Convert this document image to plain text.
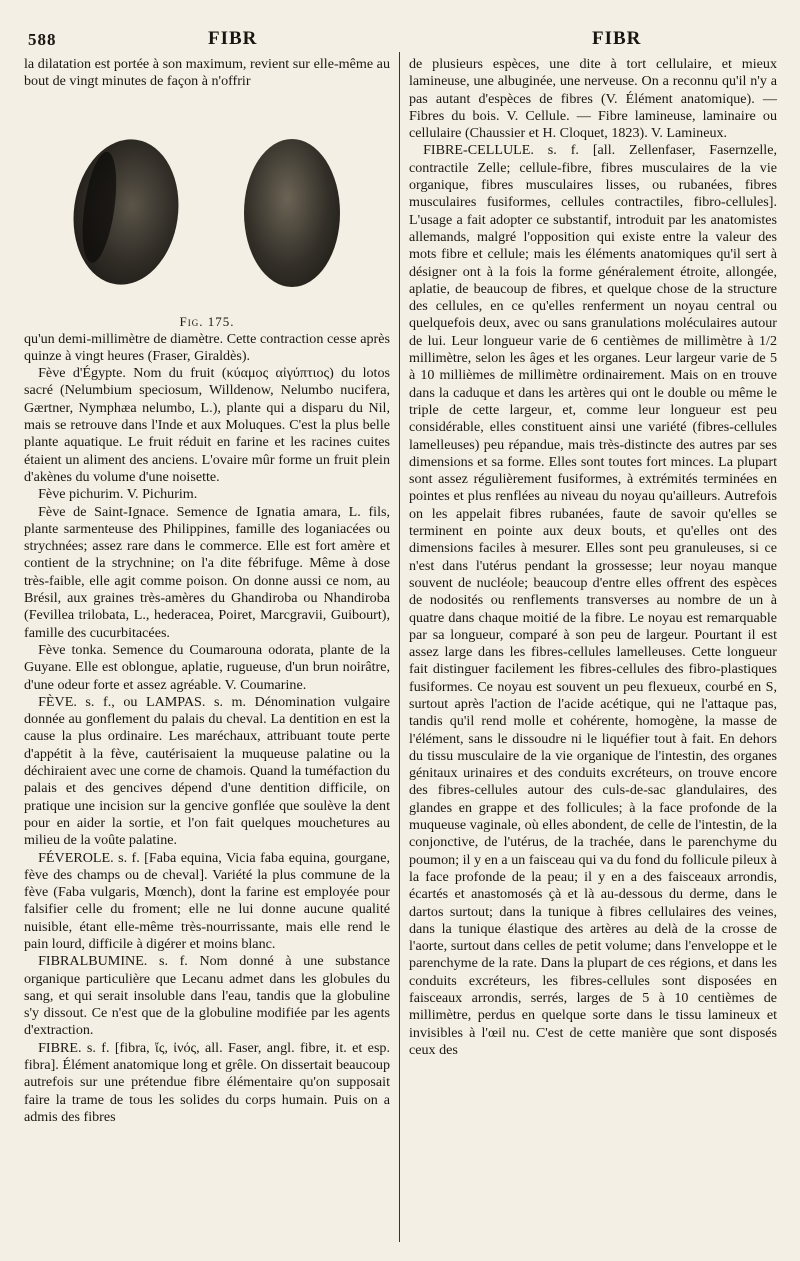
588	FIBR	FIBR

la dilatation est portée à son maximum, revient sur elle-même au bout de vingt minutes de façon à n'offrir

Fig. 175.

qu'un demi-millimètre de diamètre. Cette contraction cesse après quinze à vingt heures (Fraser, Giraldès).

Fève d'Égypte. Nom du fruit (κύαμος αἰγύπτιος) du lotos sacré (Nelumbium speciosum, Willdenow, Nelumbo nucifera, Gærtner, Nymphæa nelumbo, L.), plante qui a disparu du Nil, mais se retrouve dans l'Inde et aux Moluques. C'est la plus belle plante aquatique. Le fruit réduit en farine et les racines cuites étaient un aliment des anciens. L'ovaire mûr forme un fruit plein d'akènes du volume d'une noisette.

Fève pichurim. V. Pichurim.

Fève de Saint-Ignace. Semence de Ignatia amara, L. fils, plante sarmenteuse des Philippines, famille des loganiacées ou strychnées; assez rare dans le commerce. Elle est fort amère et contient de la strychnine; on l'a dite fébrifuge. Même à dose très-faible, elle agit comme poison. On donne aussi ce nom, au Brésil, aux graines très-amères du Ghandiroba ou Nhandiroba (Fevillea trilobata, L., hederacea, Poiret, Marcgravii, Guibourt), famille des cucurbitacées.

Fève tonka. Semence du Coumarouna odorata, plante de la Guyane. Elle est oblongue, aplatie, rugueuse, d'un brun noirâtre, d'une odeur forte et assez agréable. V. Coumarine.

FÈVE. s. f., ou LAMPAS. s. m. Dénomination vulgaire donnée au gonflement du palais du cheval. La dentition en est la cause la plus ordinaire. Les maréchaux, attribuant toute perte d'appétit à la fève, cautérisaient la muqueuse palatine ou la déchiraient avec une corne de chamois. Quand la tuméfaction du palais et des gencives dépend d'une dentition difficile, on pratique une incision sur la gencive gonflée que soulève la dent pour en aider la sortie, et l'on fait quelques mouchetures au milieu de la voûte palatine.

FÉVEROLE. s. f. [Faba equina, Vicia faba equina, gourgane, fève des champs ou de cheval]. Variété la plus commune de la fève (Faba vulgaris, Mœnch), dont la farine est employée pour falsifier celle du froment; elle ne lui donne aucune qualité nuisible, étant elle-même très-nourrissante, mais elle rend le pain lourd, difficile à digérer et moins blanc.

FIBRALBUMINE. s. f. Nom donné à une substance organique particulière que Lecanu admet dans les globules du sang, et qui serait insoluble dans l'eau, tandis que la globuline s'y dissout. Ce n'est que de la globuline modifiée par les agents d'extraction.

FIBRE. s. f. [fibra, ἴς, ἰνός, all. Faser, angl. fibre, it. et esp. fibra]. Élément anatomique long et grêle. On dissertait beaucoup autrefois sur une prétendue fibre élémentaire qu'on supposait faire la trame de tous les solides du corps humain. Puis on a admis des fibres

de plusieurs espèces, une dite à tort cellulaire, et mieux lamineuse, une albuginée, une nerveuse. On a reconnu qu'il n'y a pas autant d'espèces de fibres (V. Élément anatomique). — Fibres du bois. V. Cellule. — Fibre lamineuse, laminaire ou cellulaire (Chaussier et H. Cloquet, 1823). V. Lamineux.

FIBRE-CELLULE. s. f. [all. Zellenfaser, Fasernzelle, contractile Zelle; cellule-fibre, fibres musculaires de la vie organique, fibres musculaires lisses, ou rubanées, fibres musculaires fusiformes, cellules contractiles, fibro-cellules]. L'usage a fait adopter ce substantif, introduit par les anatomistes allemands, malgré l'opposition qui existe entre la valeur des mots fibre et cellule; mais les éléments anatomiques qu'il sert à désigner ont à la fois la forme généralement étroite, allongée, aplatie, de beaucoup de fibres, et quelque chose de la structure des cellules, en ce qu'elles renferment un noyau central ou quelquefois deux, avec ou sans granulations moléculaires autour de lui. Leur longueur varie de 6 centièmes de millimètre à 1/2 millimètre, selon les âges et les organes. Leur largeur varie de 5 à 10 millièmes de millimètre ordinairement. Mais on en trouve dans la caduque et dans les artères qui ont le double ou même le triple de cette largeur, et, comme leur longueur est peu considérable, elles constituent ainsi une variété (fibres-cellules lamelleuses) peu répandue, mais très-distincte des autres par ses dimensions et sa forme. Elles sont toutes fort minces. La plupart sont assez régulièrement fusiformes, à extrémités terminées en pointes et plus renflées au niveau du noyau qu'ailleurs. Autrefois on les appelait fibres rubanées, faute de savoir qu'elles se terminent en pointe aux deux bouts, et qu'elles ont des dimensions faciles à mesurer. Elles sont peu granuleuses, si ce n'est dans l'utérus pendant la grossesse; leur noyau manque souvent de nucléole; beaucoup d'entre elles offrent des espèces de nodosités ou renflements transverses au nombre de un à quatre dans chaque moitié de la fibre. Le noyau est remarquable par sa longueur, comparé à son peu de largeur. Pourtant il est assez large dans les fibres-cellules lamelleuses. Cette longueur fait distinguer facilement les fibres-cellules des fibro-plastiques fusiformes. Ce noyau est souvent un peu flexueux, courbé en S, surtout après l'action de l'acide acétique, qui ne l'attaque pas, tandis qu'il rend molle et cohérente, homogène, la masse de l'élément, sans le dissoudre ni le liquéfier tout à fait. En dehors du tissu musculaire de la vie organique de l'intestin, des organes génitaux urinaires et des conduits excréteurs, on trouve encore des fibres-cellules autour des culs-de-sac glandulaires, des glandes en grappe et des follicules; à la face profonde de la muqueuse vaginale, où elles abondent, de celle de l'intestin, de la conjonctive, de l'utérus, de la trachée, dans le parenchyme du poumon; il y en a un faisceau qui va du fond du follicule pileux à la face profonde de la peau; il y en a des faisceaux arrondis, écartés et anastomosés çà et là au-dessous du derme, dans le dartos surtout; dans la tunique à fibres cellulaires des veines, dans la tunique élastique des artères au delà de la crosse de l'aorte, surtout dans celles de petit volume; dans l'enveloppe et le parenchyme de la rate. Dans la plupart de ces régions, et dans les conduits excréteurs, les fibres-cellules sont disposées en faisceaux arrondis, serrés, larges de 5 à 10 centièmes de millimètre, perdus en quelque sorte dans le tissu lamineux et invisibles à l'œil nu. C'est de cette manière que sont disposés ceux des
